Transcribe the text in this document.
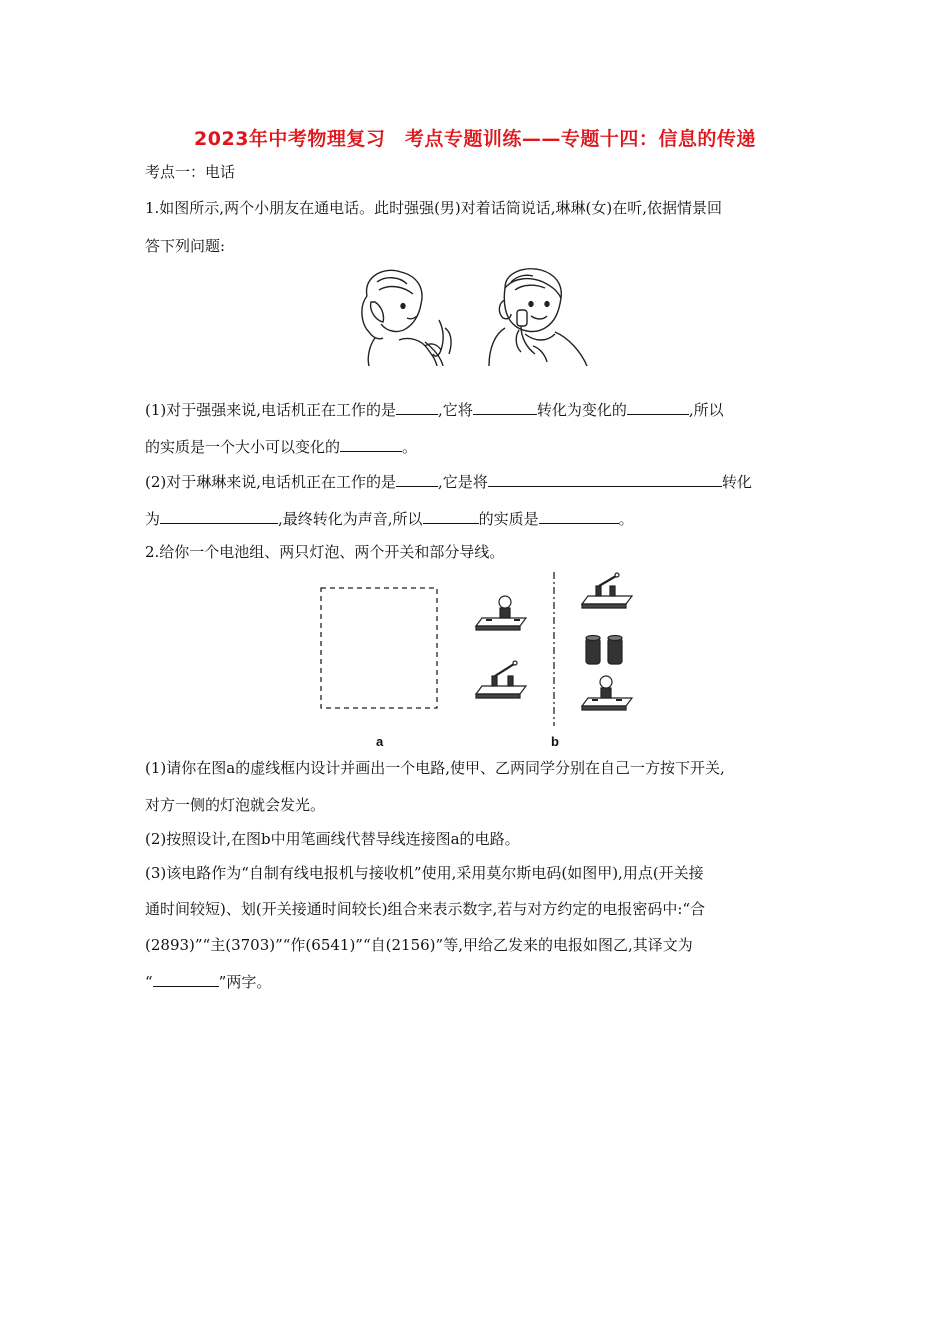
2023年中考物理复习　考点专题训练——专题十四：信息的传递
考点一：电话
1.如图所示,两个小朋友在通电话。此时强强(男)对着话筒说话,琳琳(女)在听,依据情景回
答下列问题:
(1)对于强强来说,电话机正在工作的是	,它将	转化为变化的	,所以
的实质是一个大小可以变化的	。
(2)对于琳琳来说,电话机正在工作的是	,它是将	转化
为	,最终转化为声音,所以	的实质是	。
2.给你一个电池组、两只灯泡、两个开关和部分导线。
a	b
(1)请你在图a的虚线框内设计并画出一个电路,使甲、乙两同学分别在自己一方按下开关,
对方一侧的灯泡就会发光。
(2)按照设计,在图b中用笔画线代替导线连接图a的电路。
(3)该电路作为“自制有线电报机与接收机”使用,采用莫尔斯电码(如图甲),用点(开关接
通时间较短)、划(开关接通时间较长)组合来表示数字,若与对方约定的电报密码中:“合
(2893)”“主(3703)”“作(6541)”“自(2156)”等,甲给乙发来的电报如图乙,其译文为
“	”两字。
